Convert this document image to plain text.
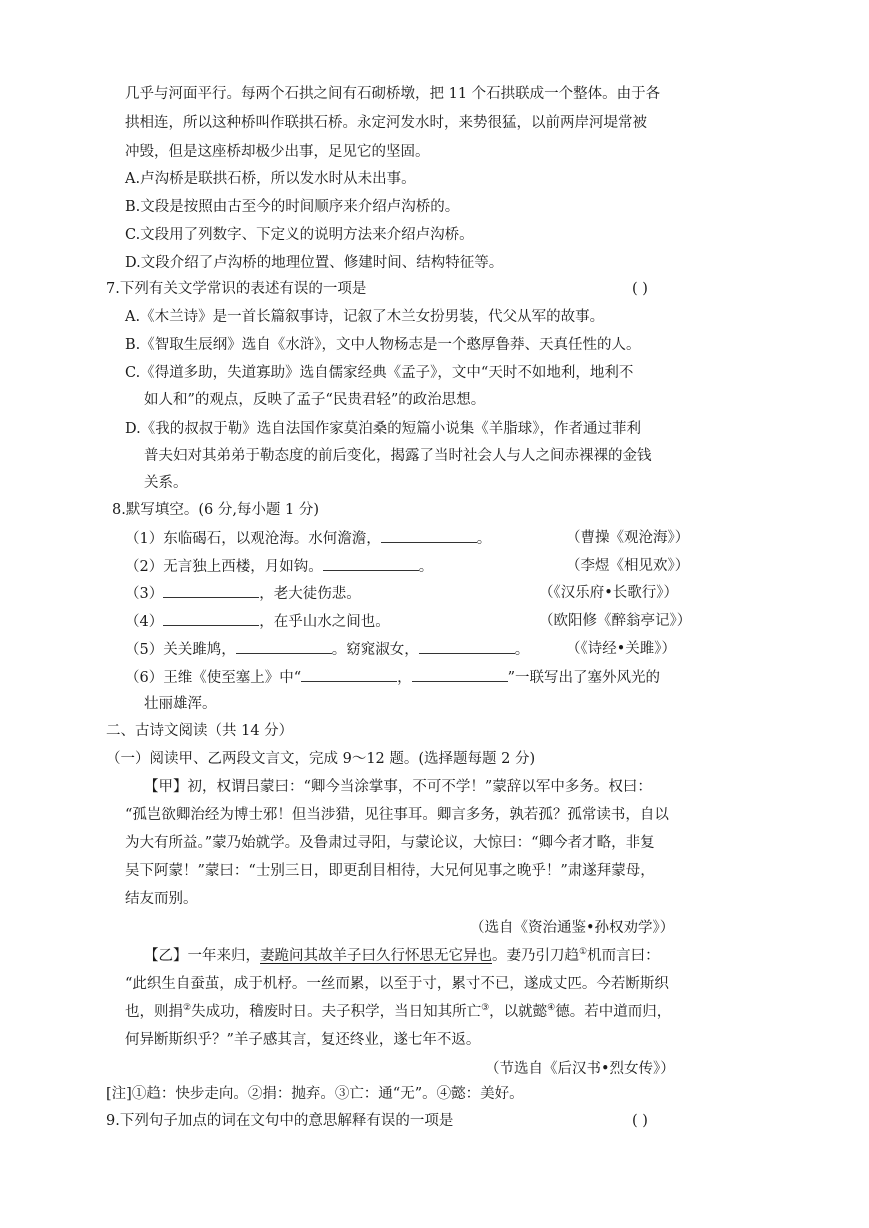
几乎与河面平行。每两个石拱之间有石砌桥墩，把 11 个石拱联成一个整体。由于各
拱相连，所以这种桥叫作联拱石桥。永定河发水时，来势很猛，以前两岸河堤常被
冲毁，但是这座桥却极少出事，足见它的坚固。
A.卢沟桥是联拱石桥，所以发水时从未出事。
B.文段是按照由古至今的时间顺序来介绍卢沟桥的。
C.文段用了列数字、下定义的说明方法来介绍卢沟桥。
D.文段介绍了卢沟桥的地理位置、修建时间、结构特征等。
7.下列有关文学常识的表述有误的一项是	( )
A.《木兰诗》是一首长篇叙事诗，记叙了木兰女扮男装，代父从军的故事。
B.《智取生辰纲》选自《水浒》，文中人物杨志是一个憨厚鲁莽、天真任性的人。
C.《得道多助，失道寡助》选自儒家经典《孟子》，文中“天时不如地利，地利不
如人和”的观点，反映了孟子“民贵君轻”的政治思想。
D.《我的叔叔于勒》选自法国作家莫泊桑的短篇小说集《羊脂球》，作者通过菲利
普夫妇对其弟弟于勒态度的前后变化，揭露了当时社会人与人之间赤裸裸的金钱
关系。
8.默写填空。(6 分,每小题 1 分)
（1）东临碣石，以观沧海。水何澹澹，	。	（曹操《观沧海》）
（2）无言独上西楼，月如钩。	。	（李煜《相见欢》）
（3）	，老大徒伤悲。	（《汉乐府•长歌行》）
（4）	，在乎山水之间也。	（欧阳修《醉翁亭记》）
（5）关关雎鸠，	。窈窕淑女，	。	（《诗经•关雎》）
（6）王维《使至塞上》中“	，	”一联写出了塞外风光的
壮丽雄浑。
二、古诗文阅读（共 14 分）
（一）阅读甲、乙两段文言文，完成 9～12 题。(选择题每题 2 分)
【甲】初，权谓吕蒙曰：“卿今当涂掌事，不可不学！”蒙辞以军中多务。权曰：
“孤岂欲卿治经为博士邪！但当涉猎，见往事耳。卿言多务，孰若孤？孤常读书，自以
为大有所益。”蒙乃始就学。及鲁肃过寻阳，与蒙论议，大惊曰：“卿今者才略，非复
吴下阿蒙！”蒙曰：“士别三日，即更刮目相待，大兄何见事之晚乎！”肃遂拜蒙母，
结友而别。
（选自《资治通鉴•孙权劝学》）
【乙】一年来归，妻跪问其故羊子曰久行怀思无它异也。妻乃引刀趋①机而言曰：
“此织生自蚕茧，成于机杼。一丝而累，以至于寸，累寸不已，遂成丈匹。今若断斯织
也，则捐②失成功，稽废时日。夫子积学，当日知其所亡③，以就懿④德。若中道而归，
何异断斯织乎？”羊子感其言，复还终业，遂七年不返。
（节选自《后汉书•烈女传》）
[注]①趋：快步走向。②捐：抛弃。③亡：通“无”。④懿：美好。
9.下列句子加点的词在文句中的意思解释有误的一项是	( )
